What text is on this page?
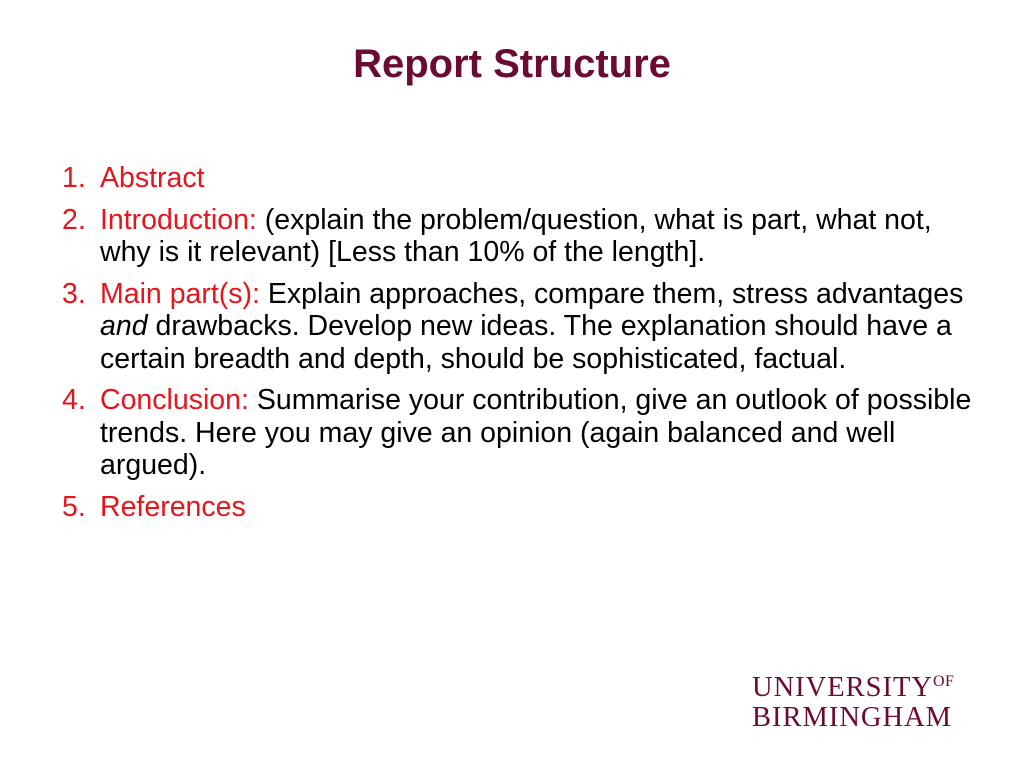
Report Structure
1. Abstract
2. Introduction: (explain the problem/question, what is part, what not, why is it relevant) [Less than 10% of the length].
3. Main part(s): Explain approaches, compare them, stress advantages and drawbacks. Develop new ideas. The explanation should have a certain breadth and depth, should be sophisticated, factual.
4. Conclusion: Summarise your contribution, give an outlook of possible trends. Here you may give an opinion (again balanced and well argued).
5. References
$UNIVERSITY^{OF}$
BIRMINGHAM
